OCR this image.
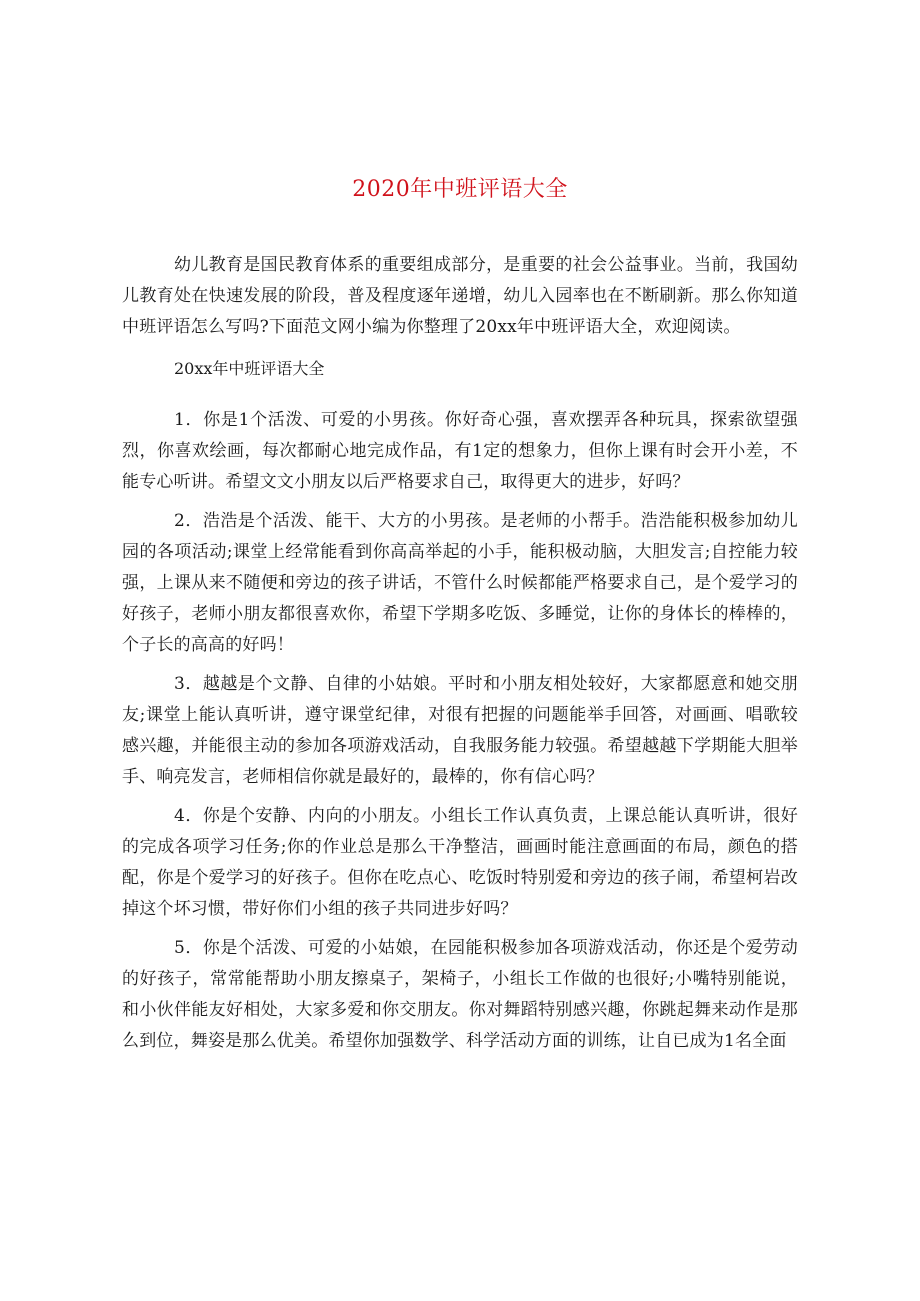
2020年中班评语大全

幼儿教育是国民教育体系的重要组成部分，是重要的社会公益事业。当前，我国幼儿教育处在快速发展的阶段，普及程度逐年递增，幼儿入园率也在不断刷新。那么你知道中班评语怎么写吗?下面范文网小编为你整理了20xx年中班评语大全，欢迎阅读。

20xx年中班评语大全

1．你是1个活泼、可爱的小男孩。你好奇心强，喜欢摆弄各种玩具，探索欲望强烈，你喜欢绘画，每次都耐心地完成作品，有1定的想象力，但你上课有时会开小差，不能专心听讲。希望文文小朋友以后严格要求自己，取得更大的进步，好吗？

2．浩浩是个活泼、能干、大方的小男孩。是老师的小帮手。浩浩能积极参加幼儿园的各项活动;课堂上经常能看到你高高举起的小手，能积极动脑，大胆发言;自控能力较强，上课从来不随便和旁边的孩子讲话，不管什么时候都能严格要求自己，是个爱学习的好孩子，老师小朋友都很喜欢你，希望下学期多吃饭、多睡觉，让你的身体长的棒棒的，个子长的高高的好吗！

3．越越是个文静、自律的小姑娘。平时和小朋友相处较好，大家都愿意和她交朋友;课堂上能认真听讲，遵守课堂纪律，对很有把握的问题能举手回答，对画画、唱歌较感兴趣，并能很主动的参加各项游戏活动，自我服务能力较强。希望越越下学期能大胆举手、响亮发言，老师相信你就是最好的，最棒的，你有信心吗？

4．你是个安静、内向的小朋友。小组长工作认真负责，上课总能认真听讲，很好的完成各项学习任务;你的作业总是那么干净整洁，画画时能注意画面的布局，颜色的搭配，你是个爱学习的好孩子。但你在吃点心、吃饭时特别爱和旁边的孩子闹，希望柯岩改掉这个坏习惯，带好你们小组的孩子共同进步好吗？

5．你是个活泼、可爱的小姑娘，在园能积极参加各项游戏活动，你还是个爱劳动的好孩子，常常能帮助小朋友擦桌子，架椅子，小组长工作做的也很好;小嘴特别能说，和小伙伴能友好相处，大家多爱和你交朋友。你对舞蹈特别感兴趣，你跳起舞来动作是那么到位，舞姿是那么优美。希望你加强数学、科学活动方面的训练，让自已成为1名全面
